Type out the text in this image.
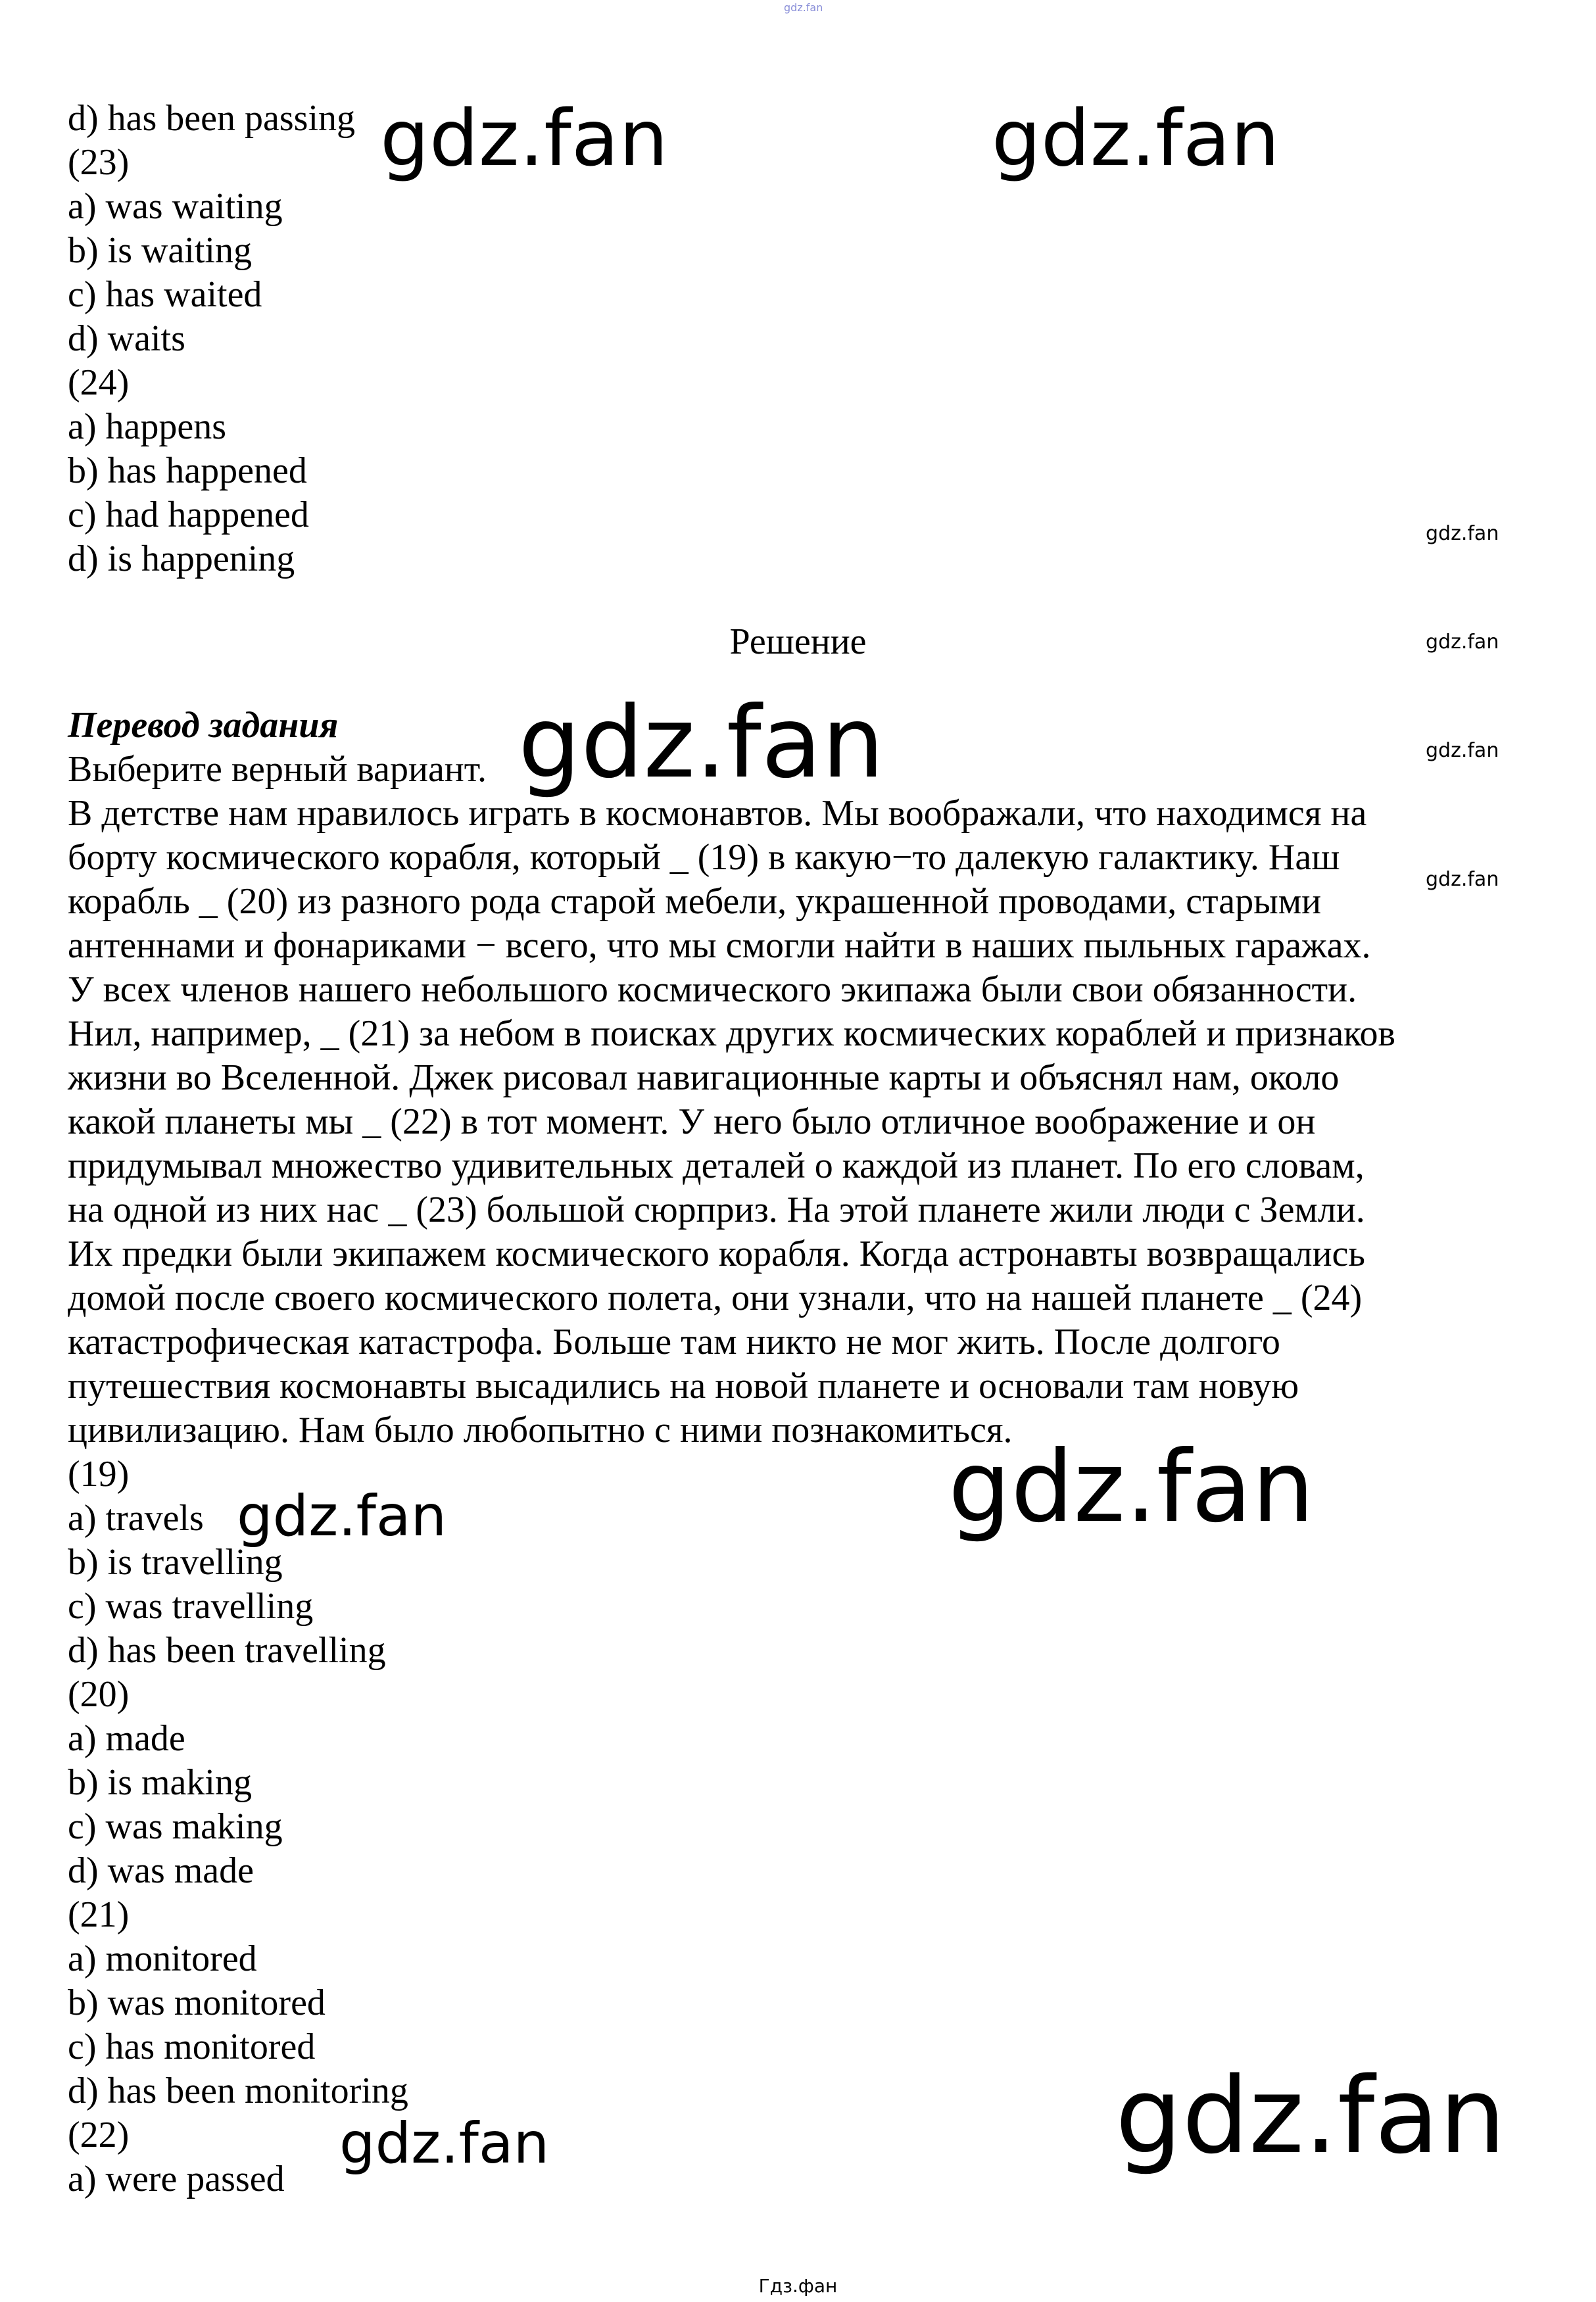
gdz.fan
d) has been passing
(23)
a) was waiting
b) is waiting
c) has waited
d) waits
(24)
a) happens
b) has happened
c) had happened
d) is happening
Решение
Перевод задания
Выберите верный вариант.
В детстве нам нравилось играть в космонавтов. Мы воображали, что находимся на
борту космического корабля, который _ (19) в какую−то далекую галактику. Наш
корабль _ (20) из разного рода старой мебели, украшенной проводами, старыми
антеннами и фонариками − всего, что мы смогли найти в наших пыльных гаражах.
У всех членов нашего небольшого космического экипажа были свои обязанности.
Нил, например, _ (21) за небом в поисках других космических кораблей и признаков
жизни во Вселенной. Джек рисовал навигационные карты и объяснял нам, около
какой планеты мы _ (22) в тот момент. У него было отличное воображение и он
придумывал множество удивительных деталей о каждой из планет. По его словам,
на одной из них нас _ (23) большой сюрприз. На этой планете жили люди с Земли.
Их предки были экипажем космического корабля. Когда астронавты возвращались
домой после своего космического полета, они узнали, что на нашей планете _ (24)
катастрофическая катастрофа. Больше там никто не мог жить. После долгого
путешествия космонавты высадились на новой планете и основали там новую
цивилизацию. Нам было любопытно с ними познакомиться.
(19)
a) travels
b) is travelling
c) was travelling
d) has been travelling
(20)
a) made
b) is making
c) was making
d) was made
(21)
a) monitored
b) was monitored
c) has monitored
d) has been monitoring
(22)
a) were passed
gdz.fan	gdz.fan
gdz.fan
gdz.fan
gdz.fan
gdz.fan	gdz.fan
gdz.fan
gdz.fan
gdz.fan
gdz.fan
Гдз.фан
